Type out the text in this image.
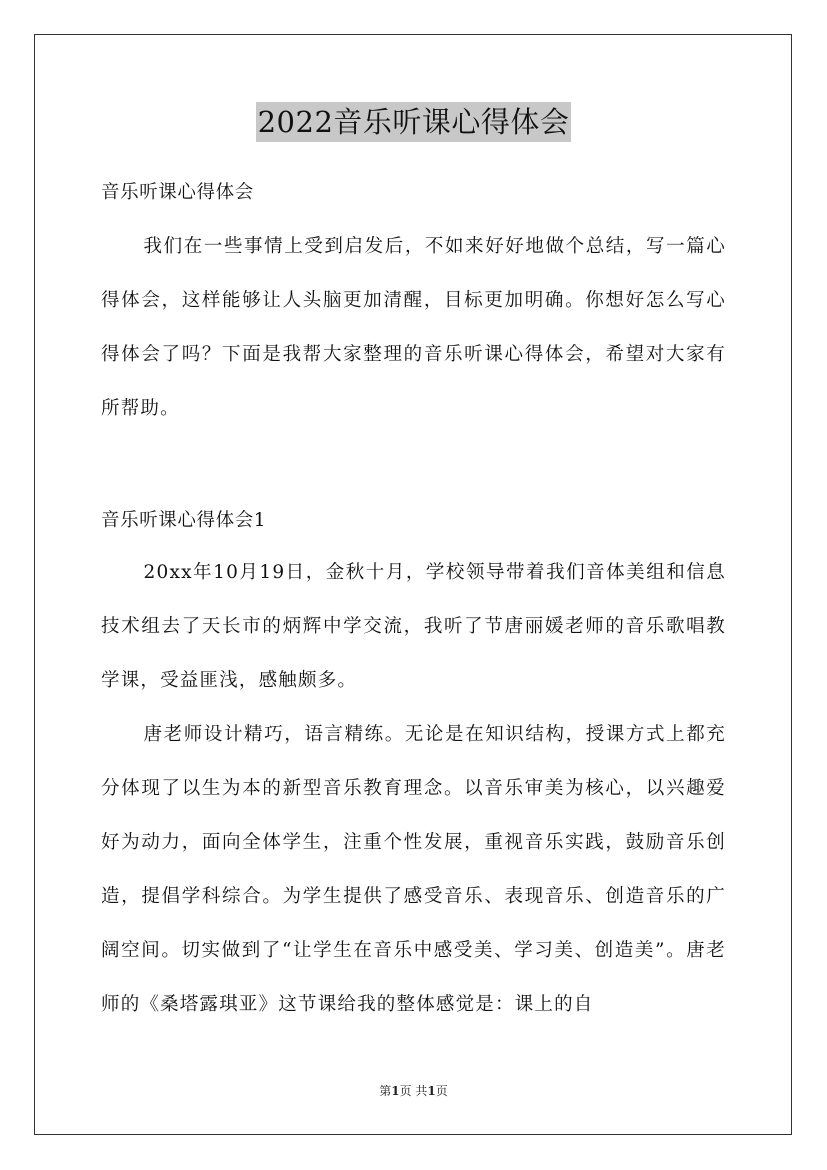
2022音乐听课心得体会
音乐听课心得体会

我们在一些事情上受到启发后，不如来好好地做个总结，写一篇心得体会，这样能够让人头脑更加清醒，目标更加明确。你想好怎么写心得体会了吗？下面是我帮大家整理的音乐听课心得体会，希望对大家有所帮助。

音乐听课心得体会1

20xx年10月19日，金秋十月，学校领导带着我们音体美组和信息技术组去了天长市的炳辉中学交流，我听了节唐丽媛老师的音乐歌唱教学课，受益匪浅，感触颇多。

唐老师设计精巧，语言精练。无论是在知识结构，授课方式上都充分体现了以生为本的新型音乐教育理念。以音乐审美为核心，以兴趣爱好为动力，面向全体学生，注重个性发展，重视音乐实践，鼓励音乐创造，提倡学科综合。为学生提供了感受音乐、表现音乐、创造音乐的广阔空间。切实做到了“让学生在音乐中感受美、学习美、创造美”。唐老师的《桑塔露琪亚》这节课给我的整体感觉是：课上的自

第1页 共1页
